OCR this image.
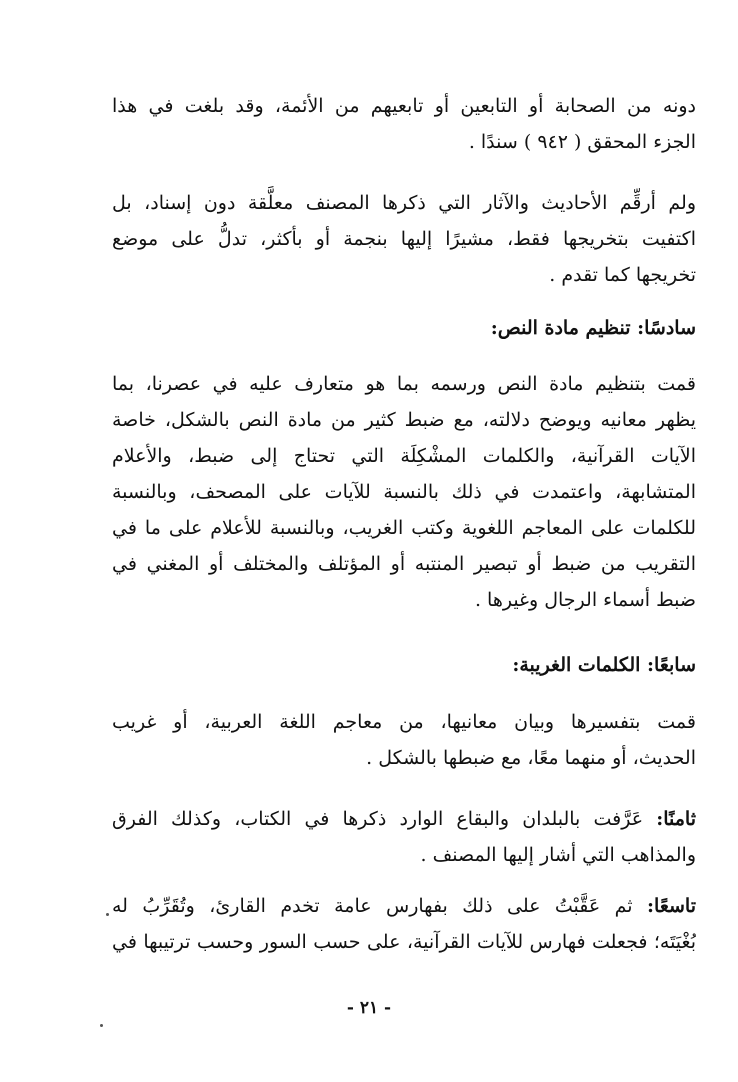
دونه من الصحابة أو التابعين أو تابعيهم من الأئمة، وقد بلغت في هذا
الجزء المحقق ( ٩٤٢ ) سندًا .
ولم أرقِّم الأحاديث والآثار التي ذكرها المصنف معلَّقة دون إسناد، بل
اكتفيت بتخريجها فقط، مشيرًا إليها بنجمة أو بأكثر، تدلُّ على موضع
تخريجها كما تقدم .
سادسًا: تنظيم مادة النص:
قمت بتنظيم مادة النص ورسمه بما هو متعارف عليه في عصرنا، بما
يظهر معانيه ويوضح دلالته، مع ضبط كثير من مادة النص بالشكل، خاصة
الآيات القرآنية، والكلمات المشْكِلَة التي تحتاج إلى ضبط، والأعلام
المتشابهة، واعتمدت في ذلك بالنسبة للآيات على المصحف، وبالنسبة
للكلمات على المعاجم اللغوية وكتب الغريب، وبالنسبة للأعلام على ما في
التقريب من ضبط أو تبصير المنتبه أو المؤتلف والمختلف أو المغني في
ضبط أسماء الرجال وغيرها .
سابعًا: الكلمات الغريبة:
قمت بتفسيرها وبيان معانيها، من معاجم اللغة العربية، أو غريب
الحديث، أو منهما معًا، مع ضبطها بالشكل .
ثامنًا: عَرَّفت بالبلدان والبقاع الوارد ذكرها في الكتاب، وكذلك الفرق
والمذاهب التي أشار إليها المصنف .
تاسعًا: ثم عَقَّبْتُ على ذلك بفهارس عامة تخدم القارئ، وتُقَرِّبُ له
بُغْيَتَه؛ فجعلت فهارس للآيات القرآنية، على حسب السور وحسب ترتيبها في
- ٢١ -
